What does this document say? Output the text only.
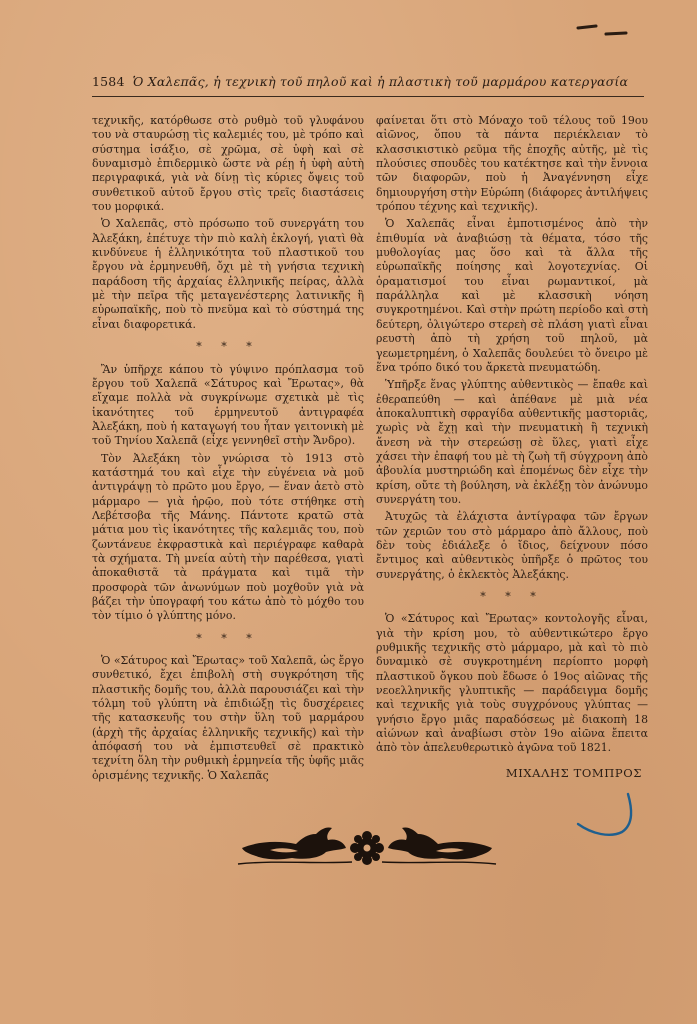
1584 Ὁ Χαλεπᾶς, ἡ τεχνικὴ τοῦ πηλοῦ καὶ ἡ πλαστικὴ τοῦ μαρμάρου κατεργασία

τεχνικῆς, κατόρθωσε στὸ ρυθμὸ τοῦ γλυφάνου του νὰ σταυρώσῃ τὶς καλεμιές του, μὲ τρόπο καὶ σύστημα ἰσάξιο, σὲ χρῶμα, σὲ ὑφὴ καὶ σὲ δυναμισμὸ ἐπιδερμικὸ ὥστε νὰ ρέῃ ἡ ὑφὴ αὐτὴ περιγραφικά, γιὰ νὰ δίνῃ τὶς κύριες ὄψεις τοῦ συνθετικοῦ αὐτοῦ ἔργου στὶς τρεῖς διαστάσεις του μορφικά.

Ὁ Χαλεπᾶς, στὸ πρόσωπο τοῦ συνεργάτη του Ἀλεξάκη, ἐπέτυχε τὴν πιὸ καλὴ ἐκλογή, γιατὶ θὰ κινδύνευε ἡ ἑλληνικότητα τοῦ πλαστικοῦ του ἔργου νὰ ἑρμηνευθῆ, ὄχι μὲ τὴ γνήσια τεχνικὴ παράδοση τῆς ἀρχαίας ἑλληνικῆς πείρας, ἀλλὰ μὲ τὴν πεῖρα τῆς μεταγενέστερης λατινικῆς ἢ εὐρωπαϊκῆς, ποὺ τὸ πνεῦμα καὶ τὸ σύστημά της εἶναι διαφορετικά.

* * *

Ἂν ὑπῆρχε κάπου τὸ γύψινο πρόπλασμα τοῦ ἔργου τοῦ Χαλεπᾶ «Σάτυρος καὶ Ἔρωτας», θὰ εἴχαμε πολλὰ νὰ συγκρίνωμε σχετικὰ μὲ τὶς ἱκανότητες τοῦ ἑρμηνευτοῦ ἀντιγραφέα Ἀλεξάκη, ποὺ ἡ καταγωγή του ἦταν γειτονικὴ μὲ τοῦ Τηνίου Χαλεπᾶ (εἶχε γεννηθεῖ στὴν Ἄνδρο).

Τὸν Ἀλεξάκη τὸν γνώρισα τὸ 1913 στὸ κατάστημά του καὶ εἶχε τὴν εὐγένεια νὰ μοῦ ἀντιγράψῃ τὸ πρῶτο μου ἔργο, — ἕναν ἀετὸ στὸ μάρμαρο — γιὰ ἡρῷο, ποὺ τότε στήθηκε στὴ Λεβέτσοβα τῆς Μάνης. Πάντοτε κρατῶ στὰ μάτια μου τὶς ἱκανότητες τῆς καλεμιᾶς του, ποὺ ζωντάνευε ἐκφραστικὰ καὶ περιέγραφε καθαρὰ τὰ σχήματα. Τὴ μνεία αὐτὴ τὴν παρέθεσα, γιατὶ ἀποκαθιστᾶ τὰ πράγματα καὶ τιμᾶ τὴν προσφορὰ τῶν ἀνωνύμων ποὺ μοχθοῦν γιὰ νὰ βάζει τὴν ὑπογραφή του κάτω ἀπὸ τὸ μόχθο του τὸν τίμιο ὁ γλύπτης μόνο.

* * *

Ὁ «Σάτυρος καὶ Ἔρωτας» τοῦ Χαλεπᾶ, ὡς ἔργο συνθετικό, ἔχει ἐπιβολὴ στὴ συγκρότηση τῆς πλαστικῆς δομῆς του, ἀλλὰ παρουσιάζει καὶ τὴν τόλμη τοῦ γλύπτη νὰ ἐπιδιώξῃ τὶς δυσχέρειες τῆς κατασκευῆς του στὴν ὕλη τοῦ μαρμάρου (ἀρχὴ τῆς ἀρχαίας ἑλληνικῆς τεχνικῆς) καὶ τὴν ἀπόφασή του νὰ ἐμπιστευθεῖ σὲ πρακτικὸ τεχνίτη ὅλη τὴν ρυθμικὴ ἑρμηνεία τῆς ὑφῆς μιᾶς ὁρισμένης τεχνικῆς. Ὁ Χαλεπᾶς

φαίνεται ὅτι στὸ Μόναχο τοῦ τέλους τοῦ 19ου αἰῶνος, ὅπου τὰ πάντα περιέκλειαν τὸ κλασσικιστικὸ ρεῦμα τῆς ἐποχῆς αὐτῆς, μὲ τὶς πλούσιες σπουδὲς του κατέκτησε καὶ τὴν ἔννοια τῶν διαφορῶν, ποὺ ἡ Ἀναγέννηση εἶχε δημιουργήση στὴν Εὐρώπη (διάφορες ἀντιλήψεις τρόπου τέχνης καὶ τεχνικῆς).

Ὁ Χαλεπᾶς εἶναι ἐμποτισμένος ἀπὸ τὴν ἐπιθυμία νὰ ἀναβιώσῃ τὰ θέματα, τόσο τῆς μυθολογίας μας ὅσο καὶ τὰ ἄλλα τῆς εὐρωπαϊκῆς ποίησης καὶ λογοτεχνίας. Οἱ ὁραματισμοί του εἶναι ρωμαντικοί, μὰ παράλληλα καὶ μὲ κλασσικὴ νόηση συγκροτημένοι. Καὶ στὴν πρώτη περίοδο καὶ στὴ δεύτερη, ὀλιγώτερο στερεὴ σὲ πλάση γιατὶ εἶναι ρευστὴ ἀπὸ τὴ χρήση τοῦ πηλοῦ, μὰ γεωμετρημένη, ὁ Χαλεπᾶς δουλεύει τὸ ὄνειρο μὲ ἕνα τρόπο δικό του ἄρκετὰ πνευματώδη.

Ὑπῆρξε ἕνας γλύπτης αὐθεντικὸς — ἔπαθε καὶ ἐθεραπεύθη — καὶ ἀπέθανε μὲ μιὰ νέα ἀποκαλυπτικὴ σφραγίδα αὐθεντικῆς μαστοριᾶς, χωρὶς νὰ ἔχῃ καὶ τὴν πνευματικὴ ἢ τεχνικὴ ἄνεση νὰ τὴν στερεώσῃ σὲ ὕλες, γιατὶ εἶχε χάσει τὴν ἐπαφή του μὲ τὴ ζωὴ τῆ σύγχρονη ἀπὸ ἀβουλία μυστηριώδη καὶ ἑπομένως δὲν εἶχε τὴν κρίση, οὔτε τὴ βούληση, νὰ ἐκλέξῃ τὸν ἀνώνυμο συνεργάτη του.

Ἀτυχῶς τὰ ἐλάχιστα ἀντίγραφα τῶν ἔργων τῶν χεριῶν του στὸ μάρμαρο ἀπὸ ἄλλους, ποὺ δὲν τοὺς ἐδιάλεξε ὁ ἴδιος, δείχνουν πόσο ἔντιμος καὶ αὐθεντικὸς ὑπῆρξε ὁ πρῶτος του συνεργάτης, ὁ ἐκλεκτὸς Ἀλεξάκης.

* * *

Ὁ «Σάτυρος καὶ Ἔρωτας» κοντολογῆς εἶναι, γιὰ τὴν κρίση μου, τὸ αὐθεντικώτερο ἔργο ρυθμικῆς τεχνικῆς στὸ μάρμαρο, μὰ καὶ τὸ πιὸ δυναμικὸ σὲ συγκροτημένη περίοπτο μορφὴ πλαστικοῦ ὄγκου ποὺ ἔδωσε ὁ 19ος αἰῶνας τῆς νεοελληνικῆς γλυπτικῆς — παράδειγμα δομῆς καὶ τεχνικῆς γιὰ τοὺς συγχρόνους γλύπτας — γνήσιο ἔργο μιᾶς παραδόσεως μὲ διακοπὴ 18 αἰώνων καὶ ἀναβίωσι στὸν 19ο αἰῶνα ἔπειτα ἀπὸ τὸν ἀπελευθερωτικὸ ἀγῶνα τοῦ 1821.

ΜΙΧΑΛΗΣ ΤΟΜΠΡΟΣ
